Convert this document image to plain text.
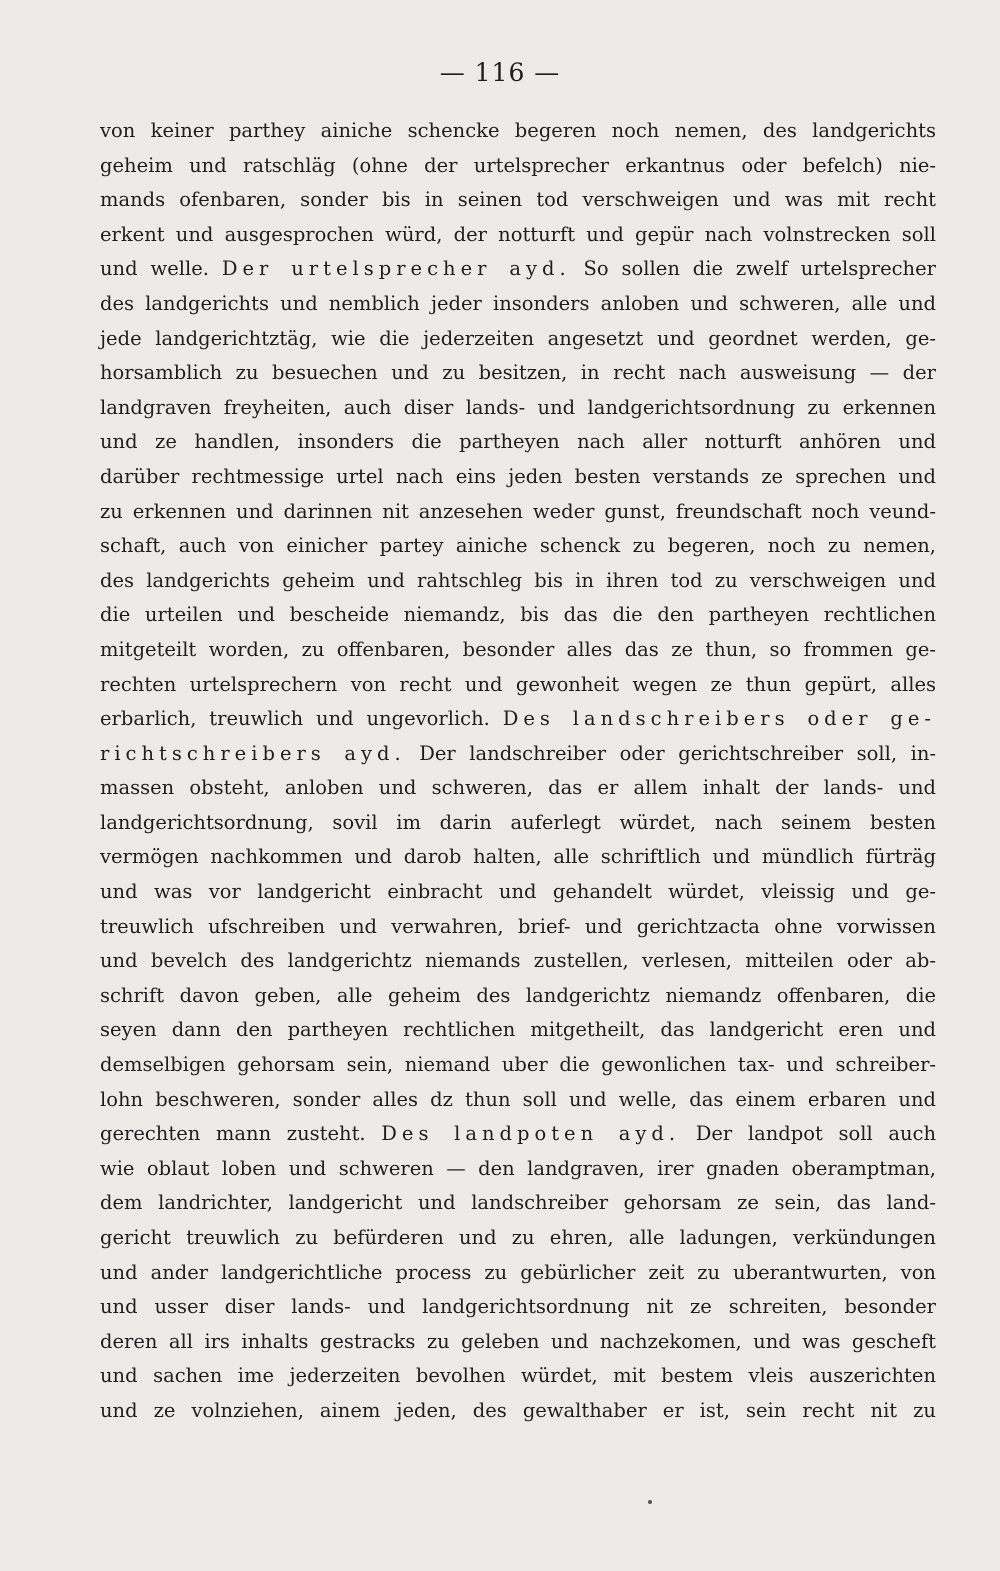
— 116 —
von keiner parthey ainiche schencke begeren noch nemen, des landgerichts
geheim und ratschläg (ohne der urtelsprecher erkantnus oder befelch) nie-
mands ofenbaren, sonder bis in seinen tod verschweigen und was mit recht
erkent und ausgesprochen würd, der notturft und gepür nach volnstrecken soll
und welle. Der urtelsprecher ayd. So sollen die zwelf urtelsprecher
des landgerichts und nemblich jeder insonders anloben und schweren, alle und
jede landgerichtztäg, wie die jederzeiten angesetzt und geordnet werden, ge-
horsamblich zu besuechen und zu besitzen, in recht nach ausweisung — der
landgraven freyheiten, auch diser lands- und landgerichtsordnung zu erkennen
und ze handlen, insonders die partheyen nach aller notturft anhören und
darüber rechtmessige urtel nach eins jeden besten verstands ze sprechen und
zu erkennen und darinnen nit anzesehen weder gunst, freundschaft noch veund-
schaft, auch von einicher partey ainiche schenck zu begeren, noch zu nemen,
des landgerichts geheim und rahtschleg bis in ihren tod zu verschweigen und
die urteilen und bescheide niemandz, bis das die den partheyen rechtlichen
mitgeteilt worden, zu offenbaren, besonder alles das ze thun, so frommen ge-
rechten urtelsprechern von recht und gewonheit wegen ze thun gepürt, alles
erbarlich, treuwlich und ungevorlich. Des landschreibers oder ge-
richtschreibers ayd. Der landschreiber oder gerichtschreiber soll, in-
massen obsteht, anloben und schweren, das er allem inhalt der lands- und
landgerichtsordnung, sovil im darin auferlegt würdet, nach seinem besten
vermögen nachkommen und darob halten, alle schriftlich und mündlich fürträg
und was vor landgericht einbracht und gehandelt würdet, vleissig und ge-
treuwlich ufschreiben und verwahren, brief- und gerichtzacta ohne vorwissen
und bevelch des landgerichtz niemands zustellen, verlesen, mitteilen oder ab-
schrift davon geben, alle geheim des landgerichtz niemandz offenbaren, die
seyen dann den partheyen rechtlichen mitgetheilt, das landgericht eren und
demselbigen gehorsam sein, niemand uber die gewonlichen tax- und schreiber-
lohn beschweren, sonder alles dz thun soll und welle, das einem erbaren und
gerechten mann zusteht. Des landpoten ayd. Der landpot soll auch
wie oblaut loben und schweren — den landgraven, irer gnaden oberamptman,
dem landrichter, landgericht und landschreiber gehorsam ze sein, das land-
gericht treuwlich zu befürderen und zu ehren, alle ladungen, verkündungen
und ander landgerichtliche process zu gebürlicher zeit zu uberantwurten, von
und usser diser lands- und landgerichtsordnung nit ze schreiten, besonder
deren all irs inhalts gestracks zu geleben und nachzekomen, und was gescheft
und sachen ime jederzeiten bevolhen würdet, mit bestem vleis auszerichten
und ze volnziehen, ainem jeden, des gewalthaber er ist, sein recht nit zu
